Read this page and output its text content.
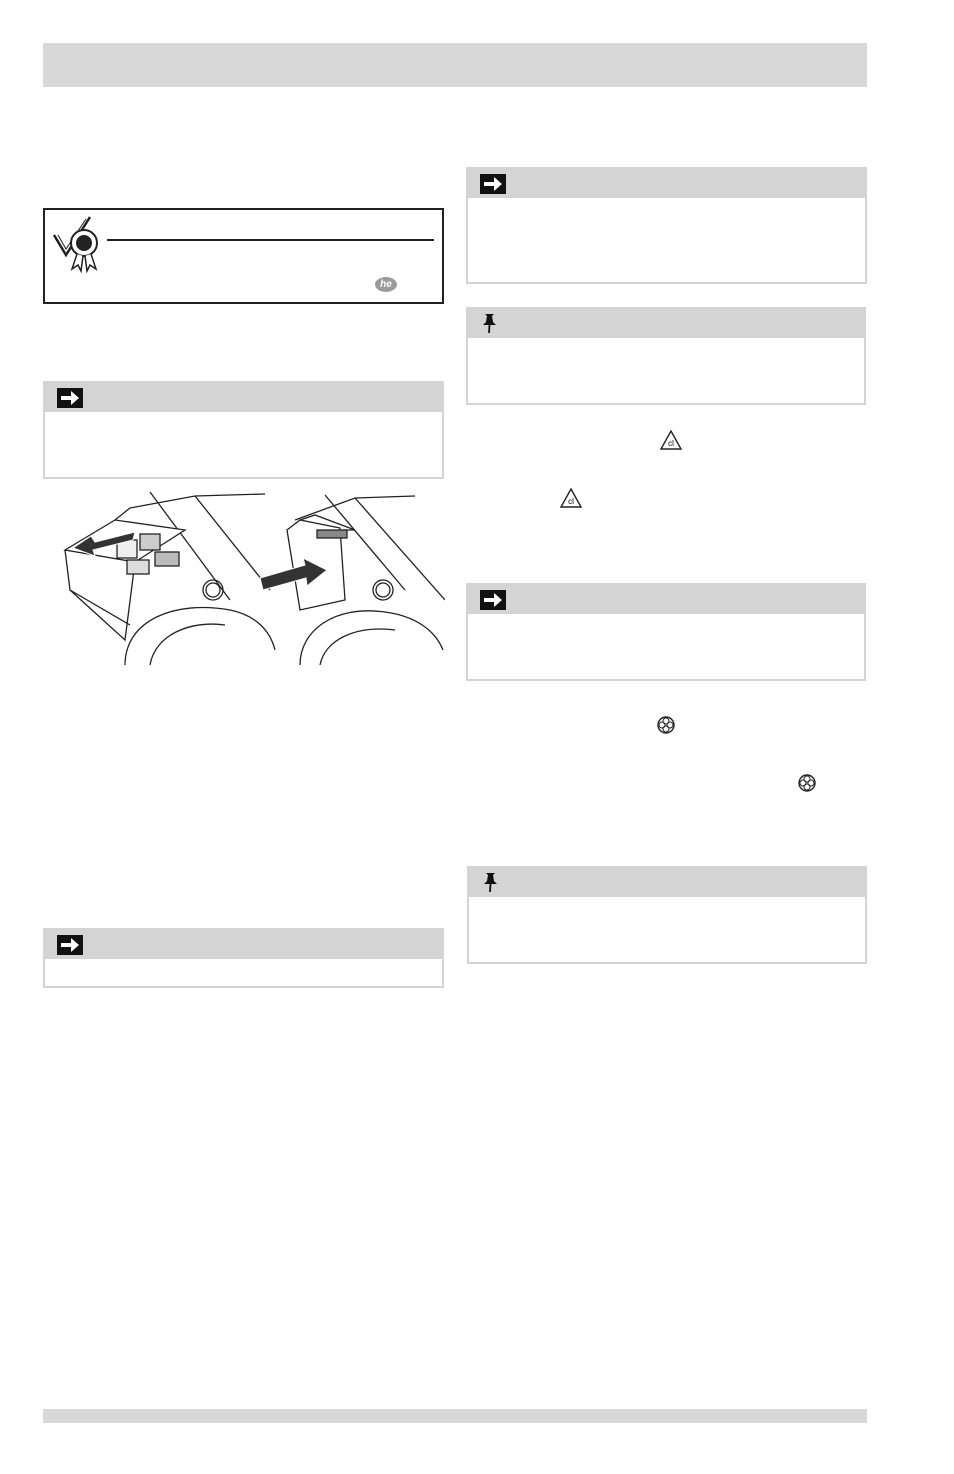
he
cl
cl
